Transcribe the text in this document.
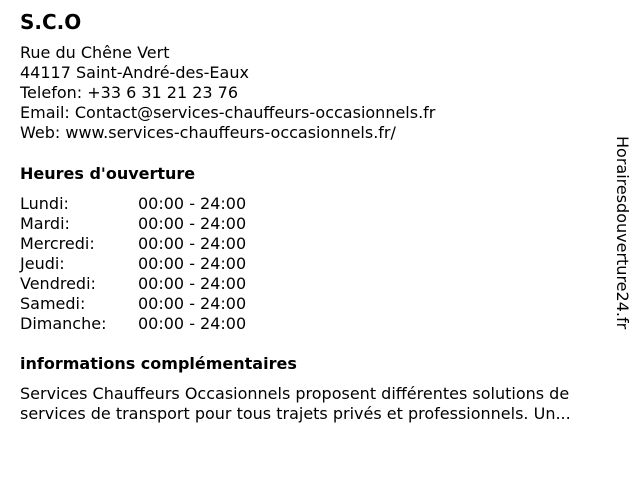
S.C.O
Rue du Chêne Vert
44117 Saint-André-des-Eaux
Telefon: +33 6 31 21 23 76
Email: Contact@services-chauffeurs-occasionnels.fr
Web: www.services-chauffeurs-occasionnels.fr/
Heures d'ouverture
Lundi:	00:00 - 24:00
Mardi:	00:00 - 24:00
Mercredi:	00:00 - 24:00
Jeudi:	00:00 - 24:00
Vendredi:	00:00 - 24:00
Samedi:	00:00 - 24:00
Dimanche:	00:00 - 24:00
informations complémentaires
Services Chauffeurs Occasionnels proposent différentes solutions de
services de transport pour tous trajets privés et professionnels. Un...
Horairesdouverture24.fr
